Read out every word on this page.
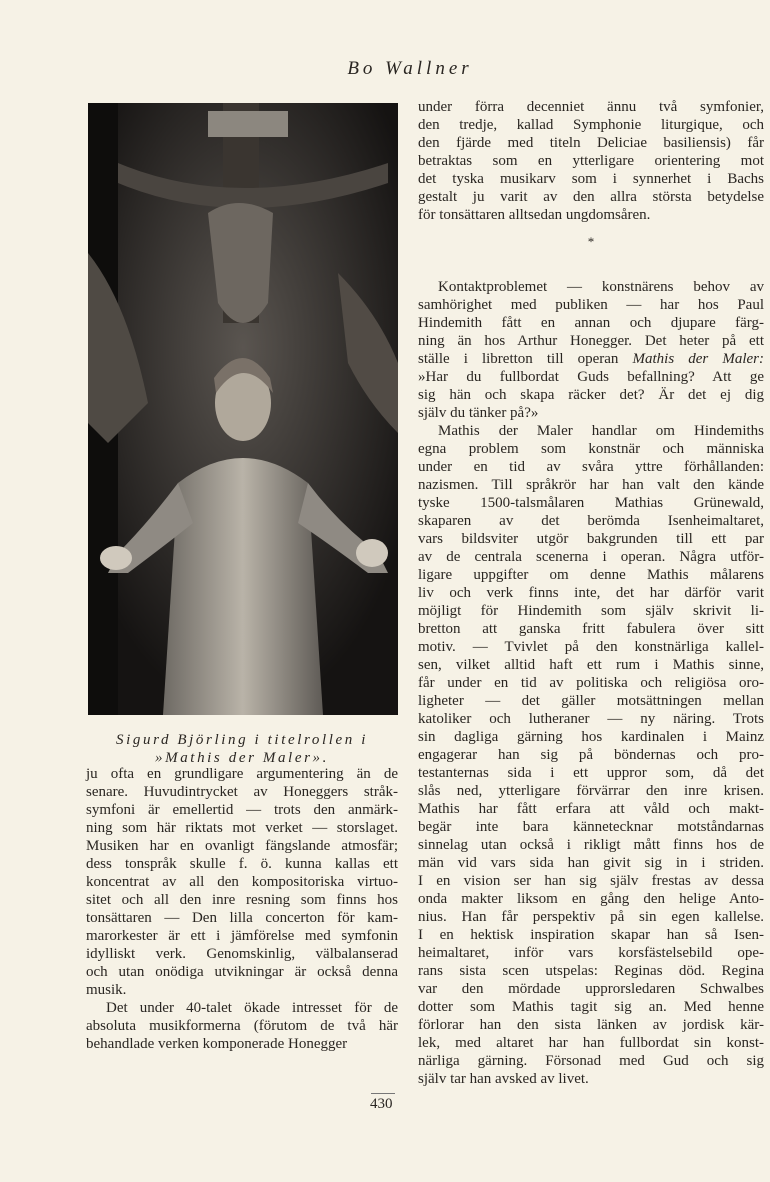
Bo Wallner
Sigurd Björling i titelrollen i
»Mathis der Maler».
under förra decenniet ännu två symfonier,
den tredje, kallad Symphonie liturgique, och
den fjärde med titeln Deliciae basiliensis) får
betraktas som en ytterligare orientering mot
det tyska musikarv som i synnerhet i Bachs
gestalt ju varit av den allra största betydelse
för tonsättaren alltsedan ungdomsåren.
*
Kontaktproblemet — konstnärens behov av
samhörighet med publiken — har hos Paul
Hindemith fått en annan och djupare färg-
ning än hos Arthur Honegger. Det heter på ett
ställe i libretton till operan Mathis der Maler:
»Har du fullbordat Guds befallning? Att ge
sig hän och skapa räcker det? Är det ej dig
själv du tänker på?»
Mathis der Maler handlar om Hindemiths
egna problem som konstnär och människa
under en tid av svåra yttre förhållanden:
nazismen. Till språkrör har han valt den kände
tyske 1500-talsmålaren Mathias Grünewald,
skaparen av det berömda Isenheimaltaret,
vars bildsviter utgör bakgrunden till ett par
av de centrala scenerna i operan. Några utför-
ligare uppgifter om denne Mathis målarens
liv och verk finns inte, det har därför varit
möjligt för Hindemith som själv skrivit li-
bretton att ganska fritt fabulera över sitt
motiv. — Tvivlet på den konstnärliga kallel-
sen, vilket alltid haft ett rum i Mathis sinne,
får under en tid av politiska och religiösa oro-
ligheter — det gäller motsättningen mellan
katoliker och lutheraner — ny näring. Trots
sin dagliga gärning hos kardinalen i Mainz
engagerar han sig på böndernas och pro-
testanternas sida i ett uppror som, då det
slås ned, ytterligare förvärrar den inre krisen.
Mathis har fått erfara att våld och makt-
begär inte bara kännetecknar motståndarnas
sinnelag utan också i rikligt mått finns hos de
män vid vars sida han givit sig in i striden.
I en vision ser han sig själv frestas av dessa
onda makter liksom en gång den helige Anto-
nius. Han får perspektiv på sin egen kallelse.
I en hektisk inspiration skapar han så Isen-
heimaltaret, inför vars korsfästelsebild ope-
rans sista scen utspelas: Reginas död. Regina
var den mördade upprorsledaren Schwalbes
dotter som Mathis tagit sig an. Med henne
förlorar han den sista länken av jordisk kär-
lek, med altaret har han fullbordat sin konst-
närliga gärning. Försonad med Gud och sig
själv tar han avsked av livet.
ju ofta en grundligare argumentering än de
senare. Huvudintrycket av Honeggers stråk-
symfoni är emellertid — trots den anmärk-
ning som här riktats mot verket — storslaget.
Musiken har en ovanligt fängslande atmosfär;
dess tonspråk skulle f. ö. kunna kallas ett
koncentrat av all den kompositoriska virtuo-
sitet och all den inre resning som finns hos
tonsättaren — Den lilla concerton för kam-
marorkester är ett i jämförelse med symfonin
idylliskt verk. Genomskinlig, välbalanserad
och utan onödiga utvikningar är också denna
musik.
Det under 40-talet ökade intresset för de
absoluta musikformerna (förutom de två här
behandlade verken komponerade Honegger
430
